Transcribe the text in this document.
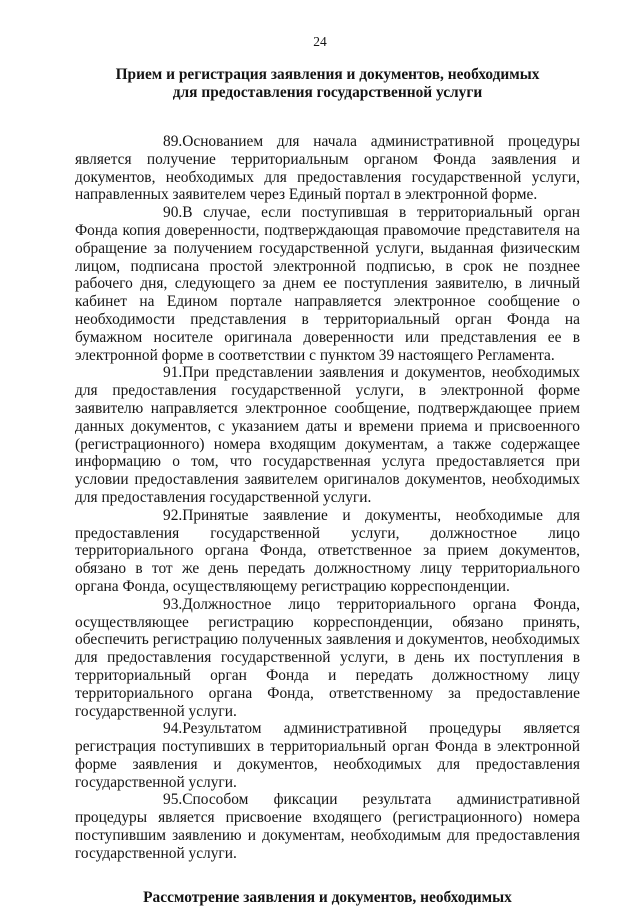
24
Прием и регистрация заявления и документов, необходимых
для предоставления государственной услуги

89.Основанием для начала административной процедуры является получение территориальным органом Фонда заявления и документов, необходимых для предоставления государственной услуги, направленных заявителем через Единый портал в электронной форме.

90.В случае, если поступившая в территориальный орган Фонда копия доверенности, подтверждающая правомочие представителя на обращение за получением государственной услуги, выданная физическим лицом, подписана простой электронной подписью, в срок не позднее рабочего дня, следующего за днем ее поступления заявителю, в личный кабинет на Едином портале направляется электронное сообщение о необходимости представления в территориальный орган Фонда на бумажном носителе оригинала доверенности или представления ее в электронной форме в соответствии с пунктом 39 настоящего Регламента.

91.При представлении заявления и документов, необходимых для предоставления государственной услуги, в электронной форме заявителю направляется электронное сообщение, подтверждающее прием данных документов, с указанием даты и времени приема и присвоенного (регистрационного) номера входящим документам, а также содержащее информацию о том, что государственная услуга предоставляется при условии предоставления заявителем оригиналов документов, необходимых для предоставления государственной услуги.

92.Принятые заявление и документы, необходимые для предоставления государственной услуги, должностное лицо территориального органа Фонда, ответственное за прием документов, обязано в тот же день передать должностному лицу территориального органа Фонда, осуществляющему регистрацию корреспонденции.

93.Должностное лицо территориального органа Фонда, осуществляющее регистрацию корреспонденции, обязано принять, обеспечить регистрацию полученных заявления и документов, необходимых для предоставления государственной услуги, в день их поступления в территориальный орган Фонда и передать должностному лицу территориального органа Фонда, ответственному за предоставление государственной услуги.

94.Результатом административной процедуры является регистрация поступивших в территориальный орган Фонда в электронной форме заявления и документов, необходимых для предоставления государственной услуги.

95.Способом фиксации результата административной процедуры является присвоение входящего (регистрационного) номера поступившим заявлению и документам, необходимым для предоставления государственной услуги.

Рассмотрение заявления и документов, необходимых
